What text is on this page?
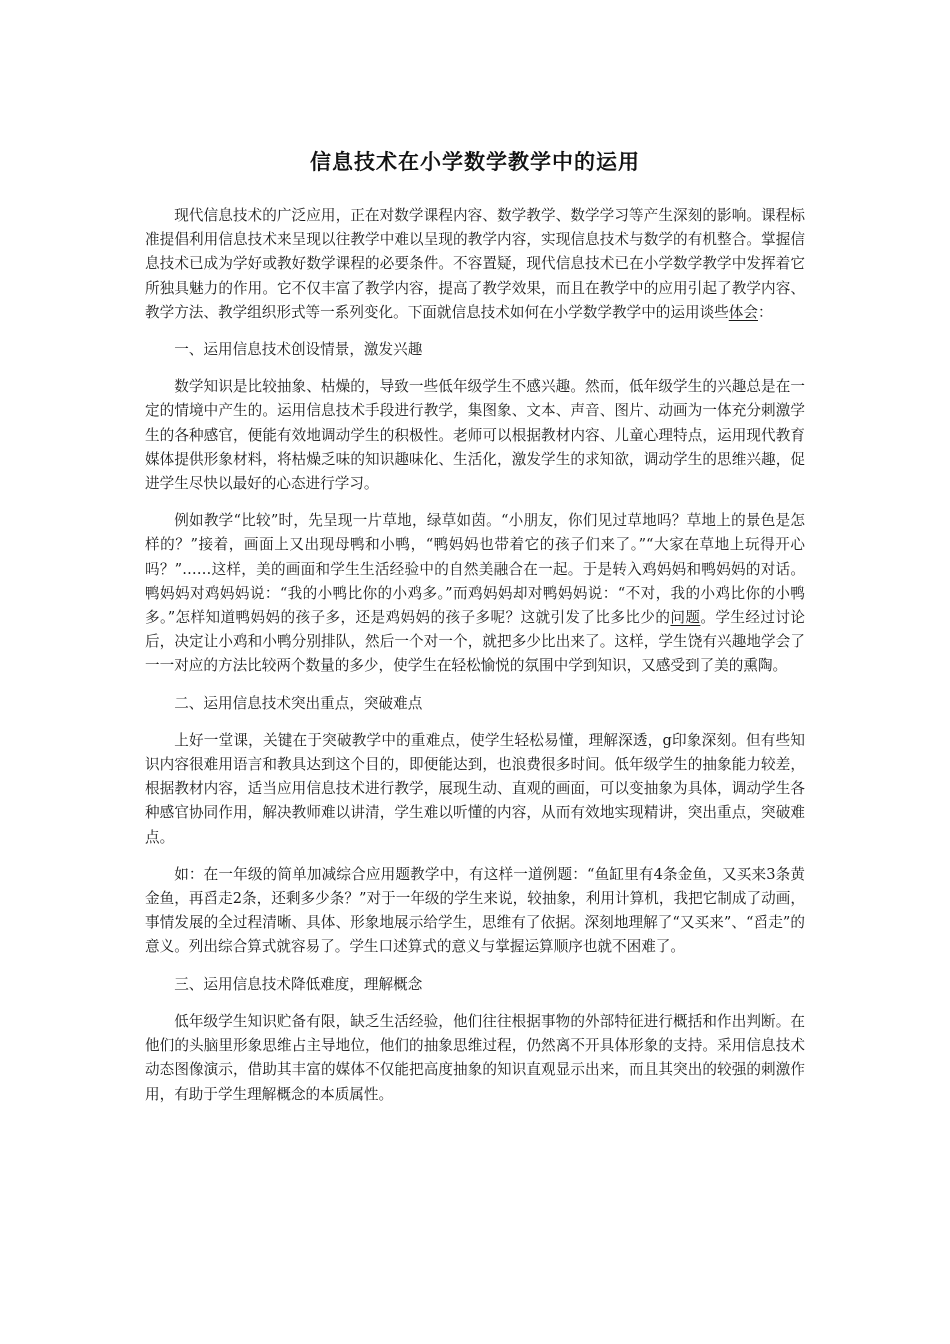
信息技术在小学数学教学中的运用

现代信息技术的广泛应用，正在对数学课程内容、数学教学、数学学习等产生深刻的影响。课程标准提倡利用信息技术来呈现以往教学中难以呈现的教学内容，实现信息技术与数学的有机整合。掌握信息技术已成为学好或教好数学课程的必要条件。不容置疑，现代信息技术已在小学数学教学中发挥着它所独具魅力的作用。它不仅丰富了教学内容，提高了教学效果，而且在教学中的应用引起了教学内容、教学方法、教学组织形式等一系列变化。下面就信息技术如何在小学数学教学中的运用谈些体会：

一、运用信息技术创设情景，激发兴趣

数学知识是比较抽象、枯燥的，导致一些低年级学生不感兴趣。然而，低年级学生的兴趣总是在一定的情境中产生的。运用信息技术手段进行教学，集图象、文本、声音、图片、动画为一体充分刺激学生的各种感官，便能有效地调动学生的积极性。老师可以根据教材内容、儿童心理特点，运用现代教育媒体提供形象材料，将枯燥乏味的知识趣味化、生活化，激发学生的求知欲，调动学生的思维兴趣，促进学生尽快以最好的心态进行学习。

例如教学“比较”时，先呈现一片草地，绿草如茵。“小朋友，你们见过草地吗？草地上的景色是怎样的？”接着，画面上又出现母鸭和小鸭，“鸭妈妈也带着它的孩子们来了。”“大家在草地上玩得开心吗？”……这样，美的画面和学生生活经验中的自然美融合在一起。于是转入鸡妈妈和鸭妈妈的对话。鸭妈妈对鸡妈妈说：“我的小鸭比你的小鸡多。”而鸡妈妈却对鸭妈妈说：“不对，我的小鸡比你的小鸭多。”怎样知道鸭妈妈的孩子多，还是鸡妈妈的孩子多呢？这就引发了比多比少的问题。学生经过讨论后，决定让小鸡和小鸭分别排队，然后一个对一个，就把多少比出来了。这样，学生饶有兴趣地学会了一一对应的方法比较两个数量的多少，使学生在轻松愉悦的氛围中学到知识，又感受到了美的熏陶。

二、运用信息技术突出重点，突破难点

上好一堂课，关键在于突破教学中的重难点，使学生轻松易懂，理解深透，g印象深刻。但有些知识内容很难用语言和教具达到这个目的，即便能达到，也浪费很多时间。低年级学生的抽象能力较差，根据教材内容，适当应用信息技术进行教学，展现生动、直观的画面，可以变抽象为具体，调动学生各种感官协同作用，解决教师难以讲清，学生难以听懂的内容，从而有效地实现精讲，突出重点，突破难点。

如：在一年级的简单加减综合应用题教学中，有这样一道例题：“鱼缸里有4条金鱼，又买来3条黄金鱼，再舀走2条，还剩多少条？”对于一年级的学生来说，较抽象，利用计算机，我把它制成了动画，事情发展的全过程清晰、具体、形象地展示给学生，思维有了依据。深刻地理解了“又买来”、“舀走”的意义。列出综合算式就容易了。学生口述算式的意义与掌握运算顺序也就不困难了。

三、运用信息技术降低难度，理解概念

低年级学生知识贮备有限，缺乏生活经验，他们往往根据事物的外部特征进行概括和作出判断。在他们的头脑里形象思维占主导地位，他们的抽象思维过程，仍然离不开具体形象的支持。采用信息技术动态图像演示，借助其丰富的媒体不仅能把高度抽象的知识直观显示出来，而且其突出的较强的刺激作用，有助于学生理解概念的本质属性。
